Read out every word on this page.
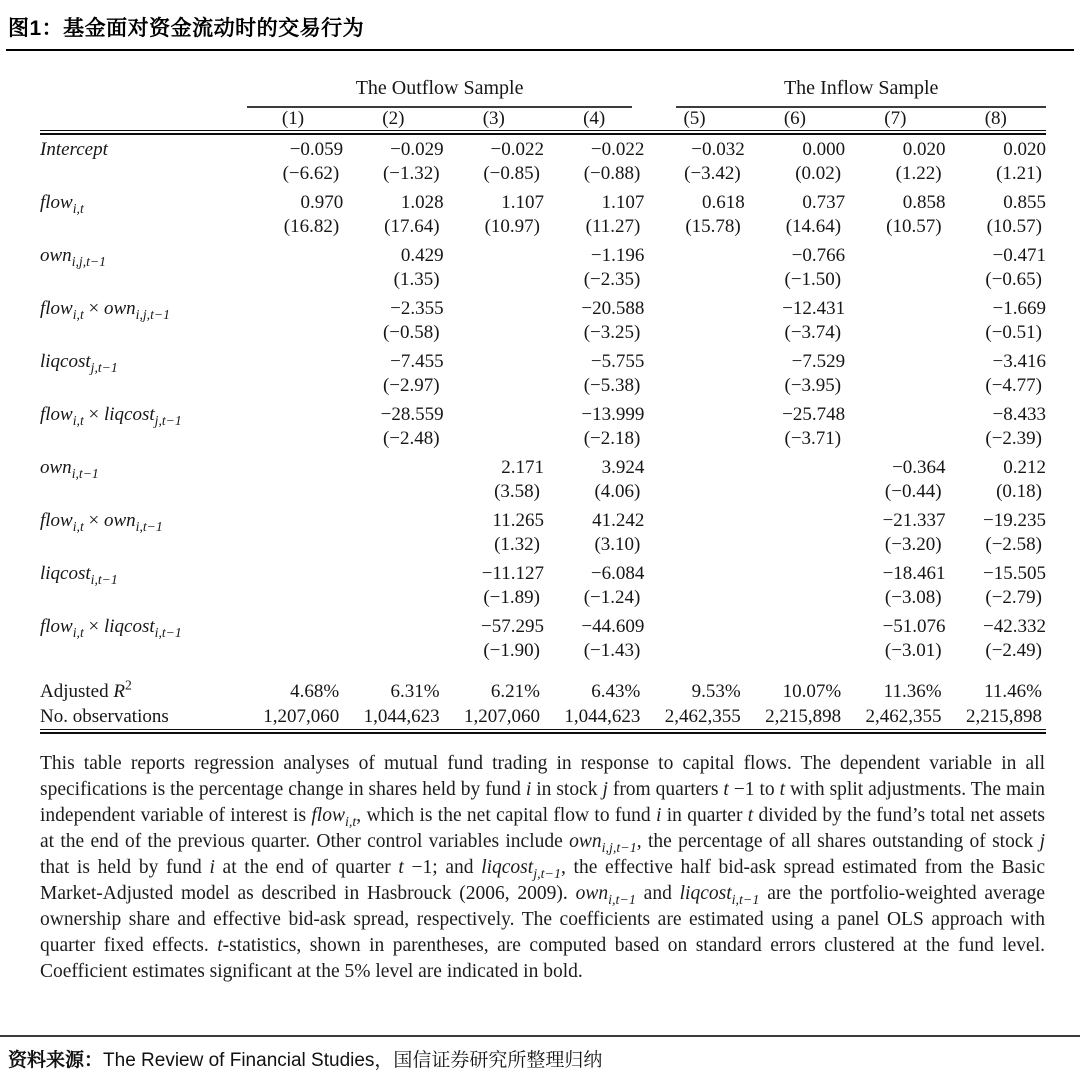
图1：基金面对资金流动时的交易行为

	The Outflow Sample				The Inflow Sample			

	(1)	(2)	(3)	(4)	(5)	(6)	(7)	(8)

Intercept	−0.059	−0.029	−0.022	−0.022	−0.032	0.000	0.020	0.020
	(−6.62)	(−1.32)	(−0.85)	(−0.88)	(−3.42)	(0.02)	(1.22)	(1.21)
flow$_{i,t}$	0.970	1.028	1.107	1.107	0.618	0.737	0.858	0.855
	(16.82)	(17.64)	(10.97)	(11.27)	(15.78)	(14.64)	(10.57)	(10.57)
own$_{i,j,t-1}$		0.429		−1.196		−0.766		−0.471
		(1.35)		(−2.35)		(−1.50)		(−0.65)
flow$_{i,t}$ × own$_{i,j,t-1}$		−2.355		−20.588		−12.431		−1.669
		(−0.58)		(−3.25)		(−3.74)		(−0.51)
liqcost$_{j,t-1}$		−7.455		−5.755		−7.529		−3.416
		(−2.97)		(−5.38)		(−3.95)		(−4.77)
flow$_{i,t}$ × liqcost$_{j,t-1}$		−28.559		−13.999		−25.748		−8.433
		(−2.48)		(−2.18)		(−3.71)		(−2.39)
own$_{i,t-1}$			2.171	3.924			−0.364	0.212
			(3.58)	(4.06)			(−0.44)	(0.18)
flow$_{i,t}$ × own$_{i,t-1}$			11.265	41.242			−21.337	−19.235
			(1.32)	(3.10)			(−3.20)	(−2.58)
liqcost$_{i,t-1}$			−11.127	−6.084			−18.461	−15.505
			(−1.89)	(−1.24)			(−3.08)	(−2.79)
flow$_{i,t}$ × liqcost$_{i,t-1}$			−57.295	−44.609			−51.076	−42.332
			(−1.90)	(−1.43)			(−3.01)	(−2.49)
Adjusted $R^2$	4.68%	6.31%	6.21%	6.43%	9.53%	10.07%	11.36%	11.46%
No. observations	1,207,060	1,044,623	1,207,060	1,044,623	2,462,355	2,215,898	2,462,355	2,215,898

This table reports regression analyses of mutual fund trading in response to capital flows. The dependent variable in all specifications is the percentage change in shares held by fund i in stock j from quarters t −1 to t with split adjustments. The main independent variable of interest is flow$_{i,t}$, which is the net capital flow to fund i in quarter t divided by the fund’s total net assets at the end of the previous quarter. Other control variables include own$_{i,j,t-1}$, the percentage of all shares outstanding of stock j that is held by fund i at the end of quarter t −1; and liqcost$_{j,t-1}$, the effective half bid-ask spread estimated from the Basic Market-Adjusted model as described in Hasbrouck (2006, 2009). own$_{i,t-1}$ and liqcost$_{i,t-1}$ are the portfolio-weighted average ownership share and effective bid-ask spread, respectively. The coefficients are estimated using a panel OLS approach with quarter fixed effects. t-statistics, shown in parentheses, are computed based on standard errors clustered at the fund level. Coefficient estimates significant at the 5% level are indicated in bold.
资料来源：The Review of Financial Studies，国信证券研究所整理归纳
